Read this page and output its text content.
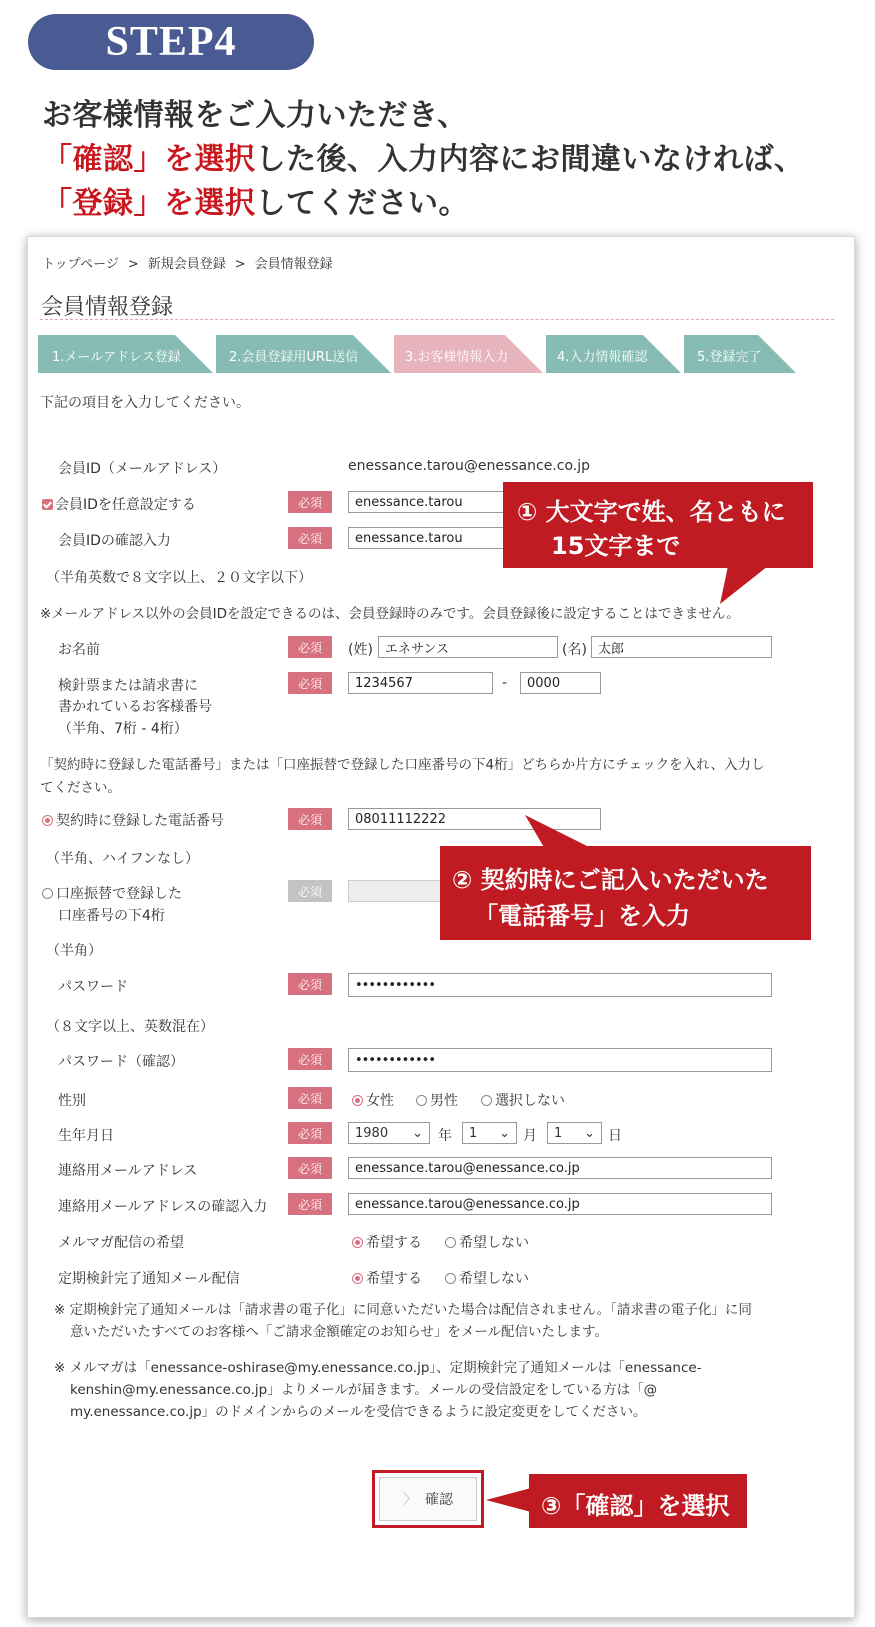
STEP4
お客様情報をご入力いただき、
「確認」を選択した後、入力内容にお間違いなければ、
「登録」を選択してください。
トップページ > 新規会員登録 > 会員情報登録
会員情報登録
1.メールアドレス登録	2.会員登録用URL送信	3.お客様情報入力	4.入力情報確認	5.登録完了
下記の項目を入力してください。
会員ID（メールアドレス）	enessance.tarou@enessance.co.jp
会員IDを任意設定する	必須	enessance.tarou
会員IDの確認入力	必須	enessance.tarou
（半角英数で８文字以上、２０文字以下）
※メールアドレス以外の会員IDを設定できるのは、会員登録時のみです。会員登録後に設定することはできません。
① 大文字で姓、名ともに
15文字まで
お名前	必須	(姓) エネサンス	(名) 太郎
検針票または請求書に
書かれているお客様番号
（半角、7桁 - 4桁）
必須	1234567	-	0000
「契約時に登録した電話番号」または「口座振替で登録した口座番号の下4桁」どちらか片方にチェックを入れ、入力し
てください。
契約時に登録した電話番号	必須	08011112222
（半角、ハイフンなし）
口座振替で登録した
口座番号の下4桁
必須
（半角）
② 契約時にご記入いただいた
「電話番号」を入力
パスワード	必須	••••••••••••
（８文字以上、英数混在）
パスワード（確認）	必須	••••••••••••
性別	必須	女性	男性	選択しない
生年月日	必須	1980 ⌄ 年 1 ⌄ 月 1 ⌄ 日
連絡用メールアドレス	必須	enessance.tarou@enessance.co.jp
連絡用メールアドレスの確認入力	必須	enessance.tarou@enessance.co.jp
メルマガ配信の希望	希望する	希望しない
定期検針完了通知メール配信	希望する	希望しない
※ 定期検針完了通知メールは「請求書の電子化」に同意いただいた場合は配信されません。「請求書の電子化」に同
意いただいたすべてのお客様へ「ご請求金額確定のお知らせ」をメール配信いたします。
※ メルマガは「enessance-oshirase@my.enessance.co.jp」、定期検針完了通知メールは「enessance-
kenshin@my.enessance.co.jp」よりメールが届きます。メールの受信設定をしている方は「@
my.enessance.co.jp」のドメインからのメールを受信できるように設定変更をしてください。
〉 確認	③「確認」を選択
